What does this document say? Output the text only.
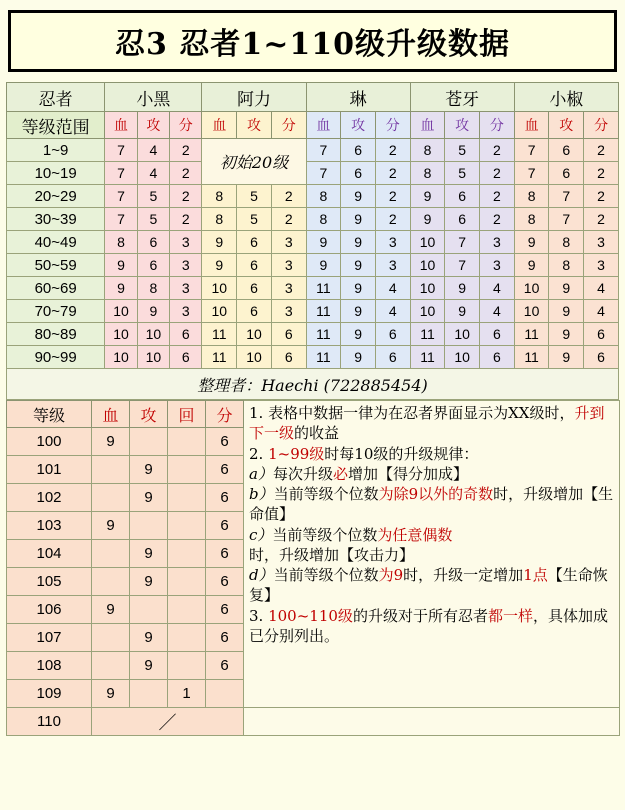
忍3 忍者1~110级升级数据
忍者	小黑			阿力			琳			苍牙			小椒		
等级范围	血	攻	分	血	攻	分	血	攻	分	血	攻	分	血	攻	分
1~9	7	4	2	初始20级			7	6	2	8	5	2	7	6	2
10~19	7	4	2				7	6	2	8	5	2	7	6	2
20~29	7	5	2	8	5	2	8	9	2	9	6	2	8	7	2
30~39	7	5	2	8	5	2	8	9	2	9	6	2	8	7	2
40~49	8	6	3	9	6	3	9	9	3	10	7	3	9	8	3
50~59	9	6	3	9	6	3	9	9	3	10	7	3	9	8	3
60~69	9	8	3	10	6	3	11	9	4	10	9	4	10	9	4
70~79	10	9	3	10	6	3	11	9	4	10	9	4	10	9	4
80~89	10	10	6	11	10	6	11	9	6	11	10	6	11	9	6
90~99	10	10	6	11	10	6	11	9	6	11	10	6	11	9	6
整理者：Haechi (722885454)															
等级	血	攻	回	分	1. 表格中数据一律为在忍者界面显示为XX级时，升到下一级的收益
2. 1~99级时每10级的升级规律：
a）每次升级必增加【得分加成】
b）当前等级个位数为除9以外的奇数时，升级增加【生命值】
c）当前等级个位数为任意偶数时，升级增加【攻击力】
d）当前等级个位数为9时，升级一定增加1点【生命恢复】
3. 100~110级的升级对于所有忍者都一样，具体加成已分别列出。

100	9			6	
101		9		6	
102		9		6	
103	9			6	
104		9		6	
105		9		6	
106	9			6	
107		9		6	
108		9		6	
109	9		1		
110	／				
